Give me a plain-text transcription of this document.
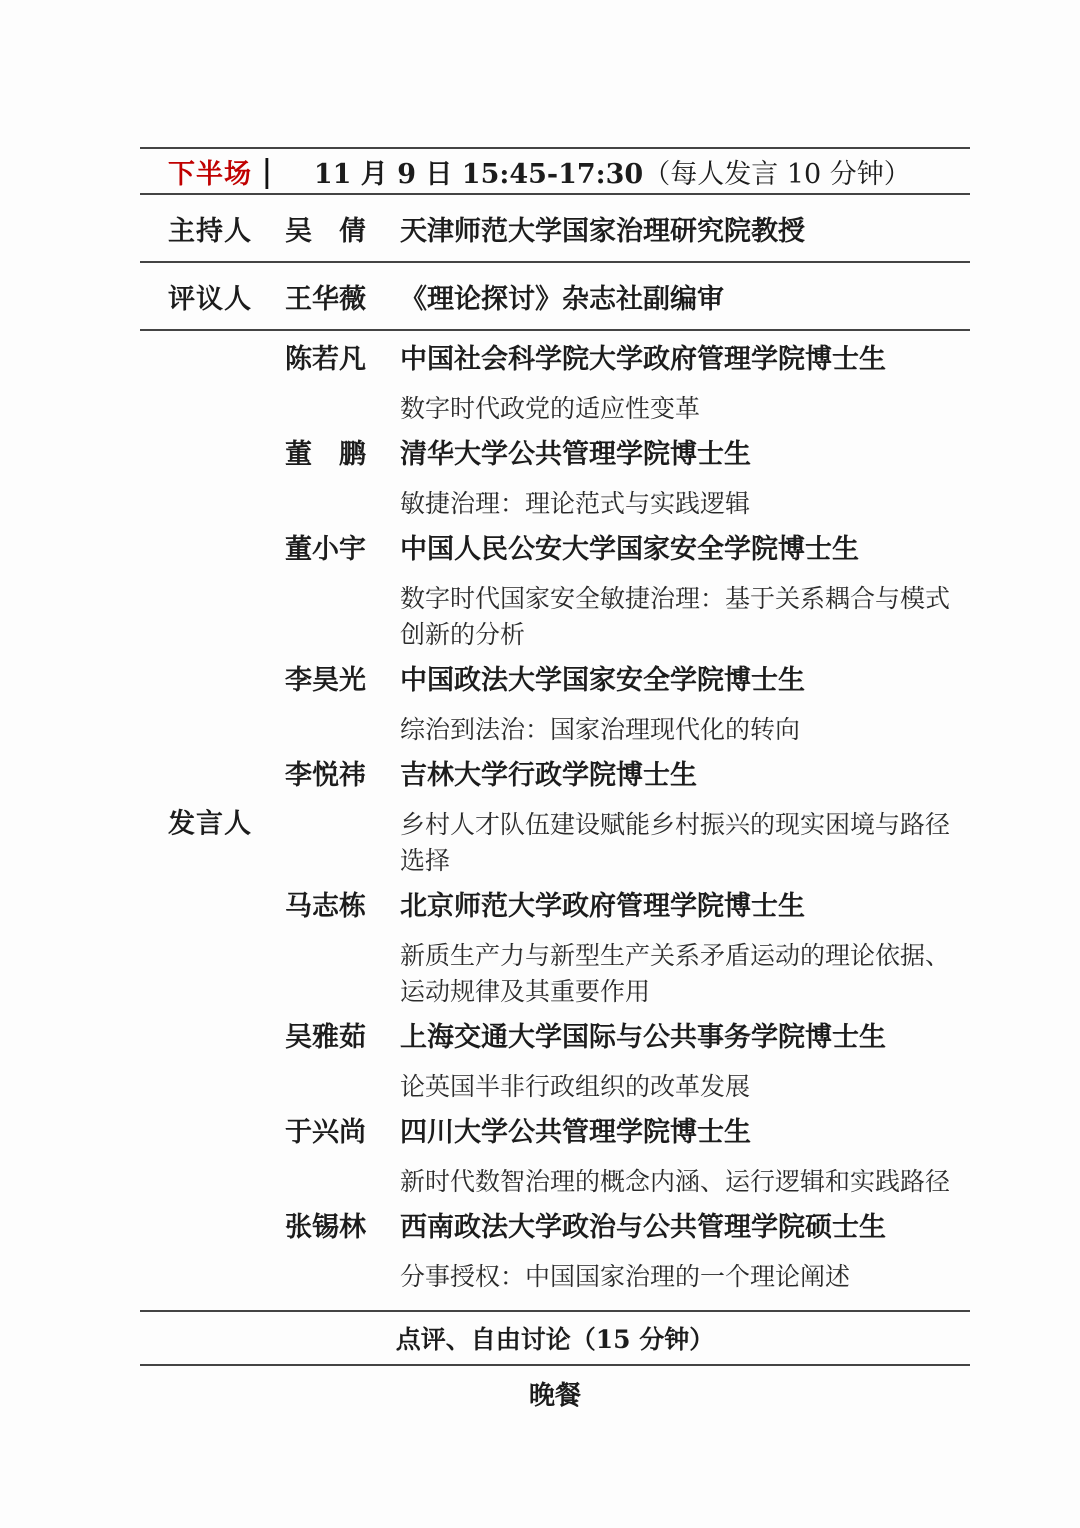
下半场 | 11 月 9 日 15:45-17:30 （每人发言 10 分钟）
主持人	吴　倩	天津师范大学国家治理研究院教授
评议人	王华薇	《理论探讨》杂志社副编审
发言人
陈若凡	中国社会科学院大学政府管理学院博士生
数字时代政党的适应性变革
董　鹏	清华大学公共管理学院博士生
敏捷治理：理论范式与实践逻辑
董小宇	中国人民公安大学国家安全学院博士生
数字时代国家安全敏捷治理：基于关系耦合与模式创新的分析
李昊光	中国政法大学国家安全学院博士生
综治到法治：国家治理现代化的转向
李悦祎	吉林大学行政学院博士生
乡村人才队伍建设赋能乡村振兴的现实困境与路径选择
马志栋	北京师范大学政府管理学院博士生
新质生产力与新型生产关系矛盾运动的理论依据、运动规律及其重要作用
吴雅茹	上海交通大学国际与公共事务学院博士生
论英国半非行政组织的改革发展
于兴尚	四川大学公共管理学院博士生
新时代数智治理的概念内涵、运行逻辑和实践路径
张锡林	西南政法大学政治与公共管理学院硕士生
分事授权：中国国家治理的一个理论阐述
点评、自由讨论（15 分钟）
晚餐
